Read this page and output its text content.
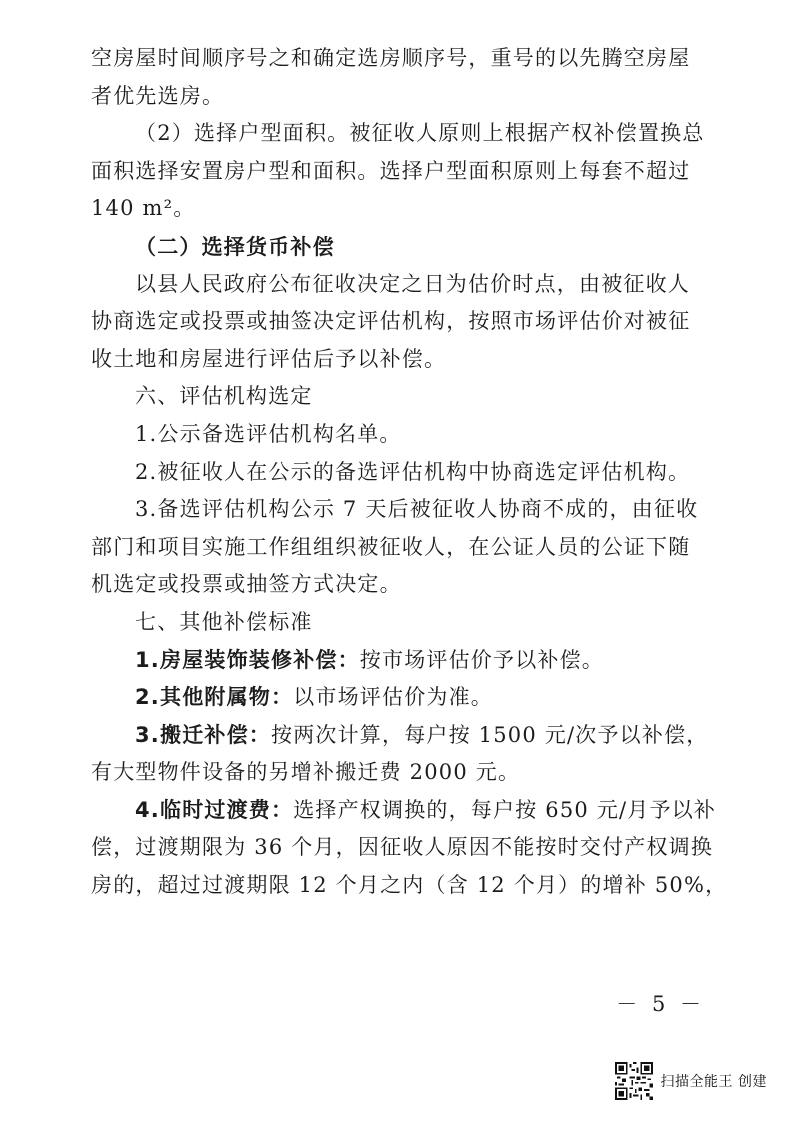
空房屋时间顺序号之和确定选房顺序号，重号的以先腾空房屋
者优先选房。
（2）选择户型面积。被征收人原则上根据产权补偿置换总
面积选择安置房户型和面积。选择户型面积原则上每套不超过
140 m²。
（二）选择货币补偿
以县人民政府公布征收决定之日为估价时点，由被征收人
协商选定或投票或抽签决定评估机构，按照市场评估价对被征
收土地和房屋进行评估后予以补偿。
六、评估机构选定
1.公示备选评估机构名单。
2.被征收人在公示的备选评估机构中协商选定评估机构。
3.备选评估机构公示 7 天后被征收人协商不成的，由征收
部门和项目实施工作组组织被征收人，在公证人员的公证下随
机选定或投票或抽签方式决定。
七、其他补偿标准
1.房屋装饰装修补偿：按市场评估价予以补偿。
2.其他附属物：以市场评估价为准。
3.搬迁补偿：按两次计算，每户按 1500 元/次予以补偿，
有大型物件设备的另增补搬迁费 2000 元。
4.临时过渡费：选择产权调换的，每户按 650 元/月予以补
偿，过渡期限为 36 个月，因征收人原因不能按时交付产权调换
房的，超过过渡期限 12 个月之内（含 12 个月）的增补 50%，
－ 5 －
扫描全能王 创建
